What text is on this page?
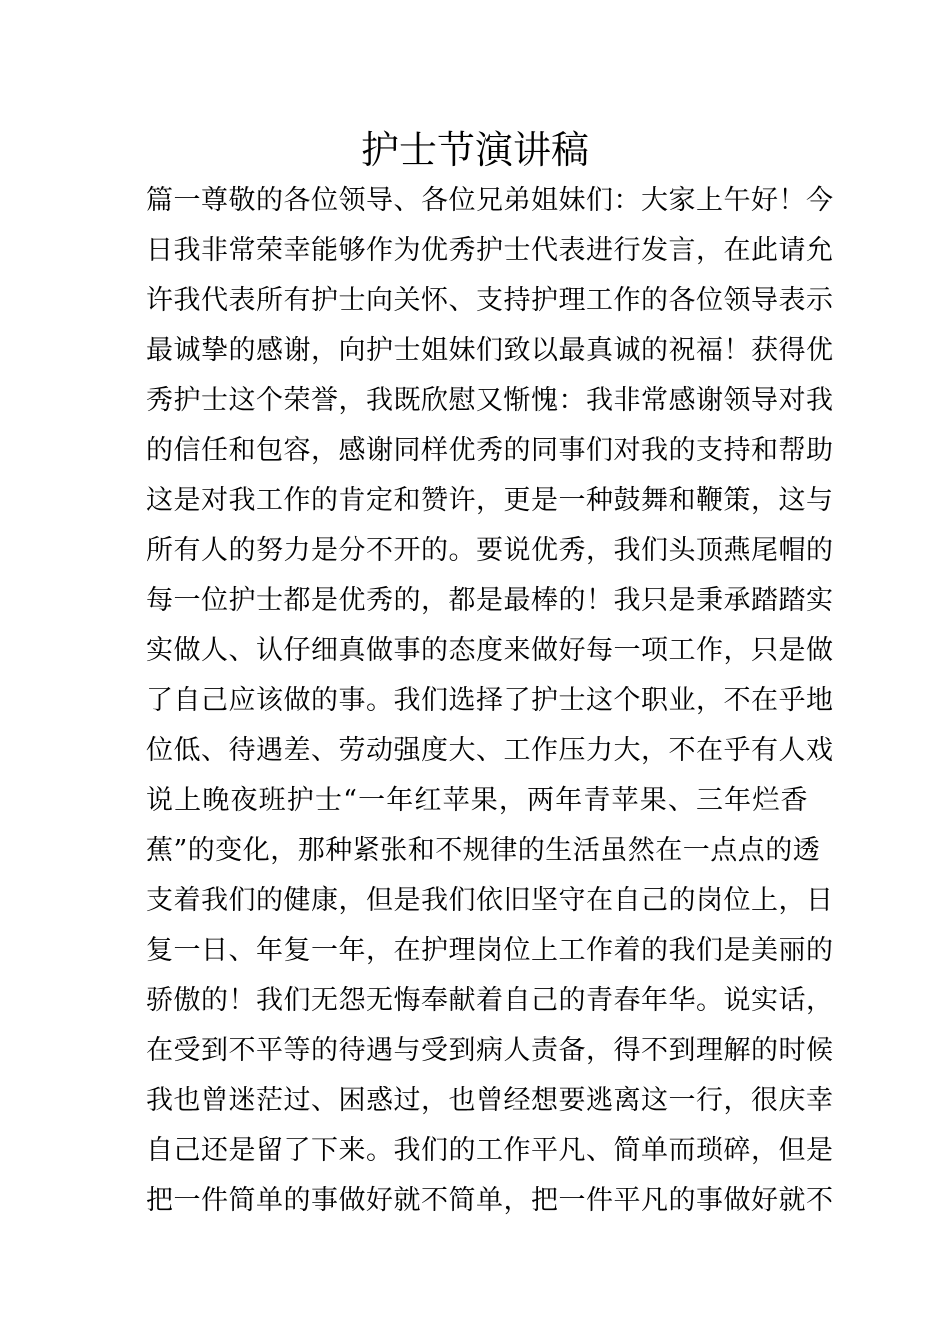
护士节演讲稿
篇一尊敬的各位领导、各位兄弟姐妹们：大家上午好！今
日我非常荣幸能够作为优秀护士代表进行发言，在此请允
许我代表所有护士向关怀、支持护理工作的各位领导表示
最诚挚的感谢，向护士姐妹们致以最真诚的祝福！获得优
秀护士这个荣誉，我既欣慰又惭愧：我非常感谢领导对我
的信任和包容，感谢同样优秀的同事们对我的支持和帮助
这是对我工作的肯定和赞许，更是一种鼓舞和鞭策，这与
所有人的努力是分不开的。要说优秀，我们头顶燕尾帽的
每一位护士都是优秀的，都是最棒的！我只是秉承踏踏实
实做人、认仔细真做事的态度来做好每一项工作，只是做
了自己应该做的事。我们选择了护士这个职业，不在乎地
位低、待遇差、劳动强度大、工作压力大，不在乎有人戏
说上晚夜班护士“一年红苹果，两年青苹果、三年烂香
蕉”的变化，那种紧张和不规律的生活虽然在一点点的透
支着我们的健康，但是我们依旧坚守在自己的岗位上，日
复一日、年复一年，在护理岗位上工作着的我们是美丽的
骄傲的！我们无怨无悔奉献着自己的青春年华。说实话，
在受到不平等的待遇与受到病人责备，得不到理解的时候
我也曾迷茫过、困惑过，也曾经想要逃离这一行，很庆幸
自己还是留了下来。我们的工作平凡、简单而琐碎，但是
把一件简单的事做好就不简单，把一件平凡的事做好就不
